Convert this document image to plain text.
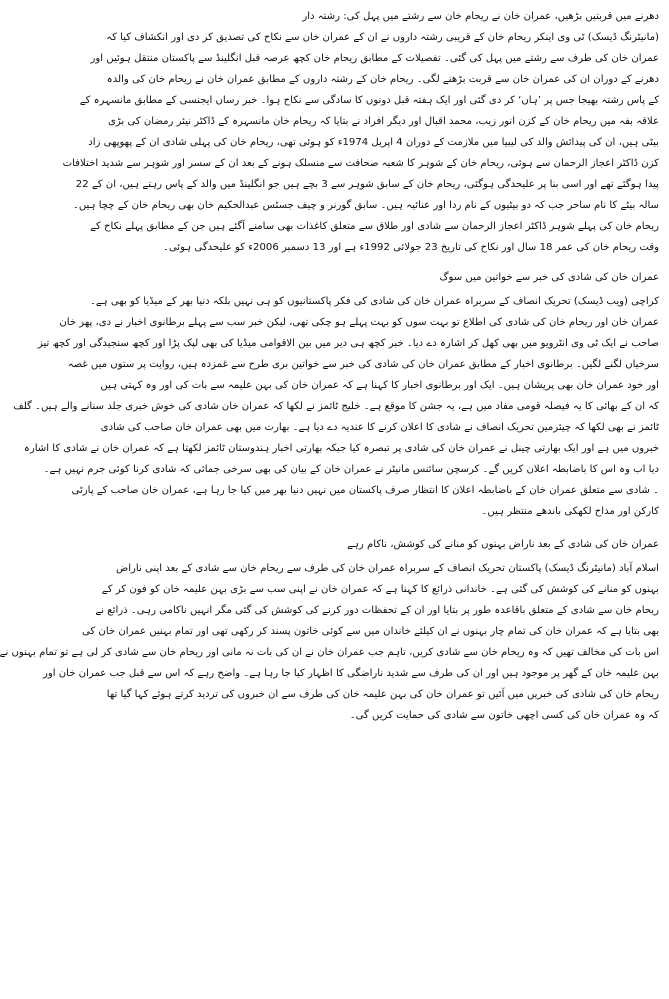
دھرنے میں قربتیں بڑھیں، عمران خان نے ریحام خان سے رشتے میں پہل کی: رشتہ دار
(مانیٹرنگ ڈیسک) ٹی وی اینکر ریحام خان کے قریبی رشتہ داروں نے ان کے عمران خان سے نکاح کی تصدیق کر دی اور انکشاف کیا کہ
عمران خان کی طرف سے رشتے میں پہل کی گئی۔ تفصیلات کے مطابق ریحام خان کچھ عرصہ قبل انگلینڈ سے پاکستان منتقل ہوئیں اور
دھرنے کے دوران ان کی عمران خان سے قربت بڑھنے لگی۔ ریحام خان کے رشتہ داروں کے مطابق عمران خان نے ریحام خان کی والدہ
کے پاس رشتہ بھیجا جس پر ’ہاں‘ کر دی گئی اور ایک ہفتہ قبل دونوں کا سادگی سے نکاح ہوا۔ خبر رساں ایجنسی کے مطابق مانسہرہ کے
علاقہ بفہ میں ریحام خان کے کزن انور زیب، محمد اقبال اور دیگر افراد نے بتایا کہ ریحام خان مانسہرہ کے ڈاکٹر نیئر رمضان کی بڑی
بیٹی ہیں، ان کی پیدائش والد کی لیبیا میں ملازمت کے دوران 4 اپریل 1974ء کو ہوئی تھی، ریحام خان کی پہلی شادی ان کے پھوپھی زاد
کزن ڈاکٹر اعجاز الرحمان سے ہوئی، ریحام خان کے شوہر کا شعبہ صحافت سے منسلک ہونے کے بعد ان کے سسر اور شوہر سے شدید اختلافات
پیدا ہوگئے تھے اور اسی بنا پر علیحدگی ہوگئی، ریحام خان کے سابق شوہر سے 3 بچے ہیں جو انگلینڈ میں والد کے پاس رہتے ہیں، ان کے 22
سالہ بیٹے کا نام ساحر جب کہ دو بیٹیوں کے نام ردا اور عنائیہ ہیں۔ سابق گورنر و چیف جسٹس عبدالحکیم خان بھی ریحام خان کے چچا ہیں۔
ریحام خان کی پہلے شوہر ڈاکٹر اعجاز الرحمان سے شادی اور طلاق سے متعلق کاغذات بھی سامنے آگئے ہیں جن کے مطابق پہلے نکاح کے
وقت ریحام خان کی عمر 18 سال اور نکاح کی تاریخ 23 جولائی 1992ء ہے اور 13 دسمبر 2006ء کو علیحدگی ہوئی۔
عمران خان کی شادی کی خبر سے خواتین میں سوگ
کراچی (ویب ڈیسک) تحریک انصاف کے سربراہ عمران خان کی شادی کی فکر پاکستانیوں کو ہی نہیں بلکہ دنیا بھر کے میڈیا کو بھی ہے۔
عمران خان اور ریحام خان کی شادی کی اطلاع تو بہت سوں کو بہت پہلے ہو چکی تھی، لیکن خبر سب سے پہلے برطانوی اخبار نے دی، پھر خان
صاحب نے ایک ٹی وی انٹرویو میں بھی کھل کر اشارہ دے دیا۔ خبر کچھ ہی دیر میں بین الاقوامی میڈیا کی بھی لپک پڑا اور کچھ سنجیدگی اور کچھ تیز
سرخیاں لگنے لگیں۔ برطانوی اخبار کے مطابق عمران خان کی شادی کی خبر سے خواتین بری طرح سے غمزدہ ہیں، روایت پر ستوں میں غصہ
اور خود عمران خان بھی پریشان ہیں۔ ایک اور برطانوی اخبار کا کہنا ہے کہ عمران خان کی بہن علیمہ سے بات کی اور وہ کہتی ہیں
کہ ان کے بھائی کا یہ فیصلہ قومی مفاد میں ہے، یہ جشن کا موقع ہے۔ خلیج ٹائمز نے لکھا کہ عمران خان شادی کی خوش خبری جلد سنانے والے ہیں۔ گلف
ٹائمز نے بھی لکھا کہ چیئرمین تحریک انصاف نے شادی کا اعلان کرنے کا عندیہ دے دیا ہے۔ بھارت میں بھی عمران خان صاحب کی شادی
خبروں میں ہے اور ایک بھارتی چینل نے عمران خان کی شادی پر تبصرہ کیا جبکہ بھارتی اخبار ہندوستان ٹائمز لکھتا ہے کہ عمران خان نے شادی کا اشارہ
دیا اب وہ اس کا باضابطہ اعلان کریں گے۔ کرسچن سائنس مانیٹر نے عمران خان کے بیان کی بھی سرخی جمائی کہ شادی کرنا کوئی جرم نہیں ہے۔
۔ شادی سے متعلق عمران خان کے باضابطہ اعلان کا انتظار صرف پاکستان میں نہیں دنیا بھر میں کیا جا رہا ہے، عمران خان صاحب کے پارٹی
کارکن اور مداح لکھکی باندھے منتظر ہیں۔
عمران خان کی شادی کے بعد ناراض بہنوں کو منانے کی کوشش، ناکام رہے
اسلام آباد (مانیٹرنگ ڈیسک) پاکستان تحریک انصاف کے سربراہ عمران خان کی طرف سے ریحام خان سے شادی کے بعد اپنی ناراض
بہنوں کو منانے کی کوشش کی گئی ہے۔ خاندانی ذرائع کا کہنا ہے کہ عمران خان نے اپنی سب سے بڑی بہن علیمہ خان کو فون کر کے
ریحام خان سے شادی کے متعلق باقاعدہ طور پر بتایا اور ان کے تحفظات دور کرنے کی کوشش کی گئی مگر انہیں ناکامی رہی۔ ذرائع نے
بھی بتایا ہے کہ عمران خان کی تمام چار بہنوں نے ان کیلئے خاندان میں سے کوئی خاتون پسند کر رکھی تھی اور تمام بہنیں عمران خان کی
اس بات کی مخالف تھیں کہ وہ ریحام خان سے شادی کریں، تاہم جب عمران خان نے ان کی بات نہ مانی اور ریحام خان سے شادی کر لی ہے تو تمام بہنوں نے
بہن علیمہ خان کے گھر پر موجود ہیں اور ان کی طرف سے شدید ناراضگی کا اظہار کیا جا رہا ہے۔ واضح رہے کہ اس سے قبل جب عمران خان اور
ریحام خان کی شادی کی خبریں میں آئیں تو عمران خان کی بہن علیمہ خان کی طرف سے ان خبروں کی تردید کرتے ہوئے کہا گیا تھا
کہ وہ عمران خان کی کسی اچھی خاتون سے شادی کی حمایت کریں گی۔
